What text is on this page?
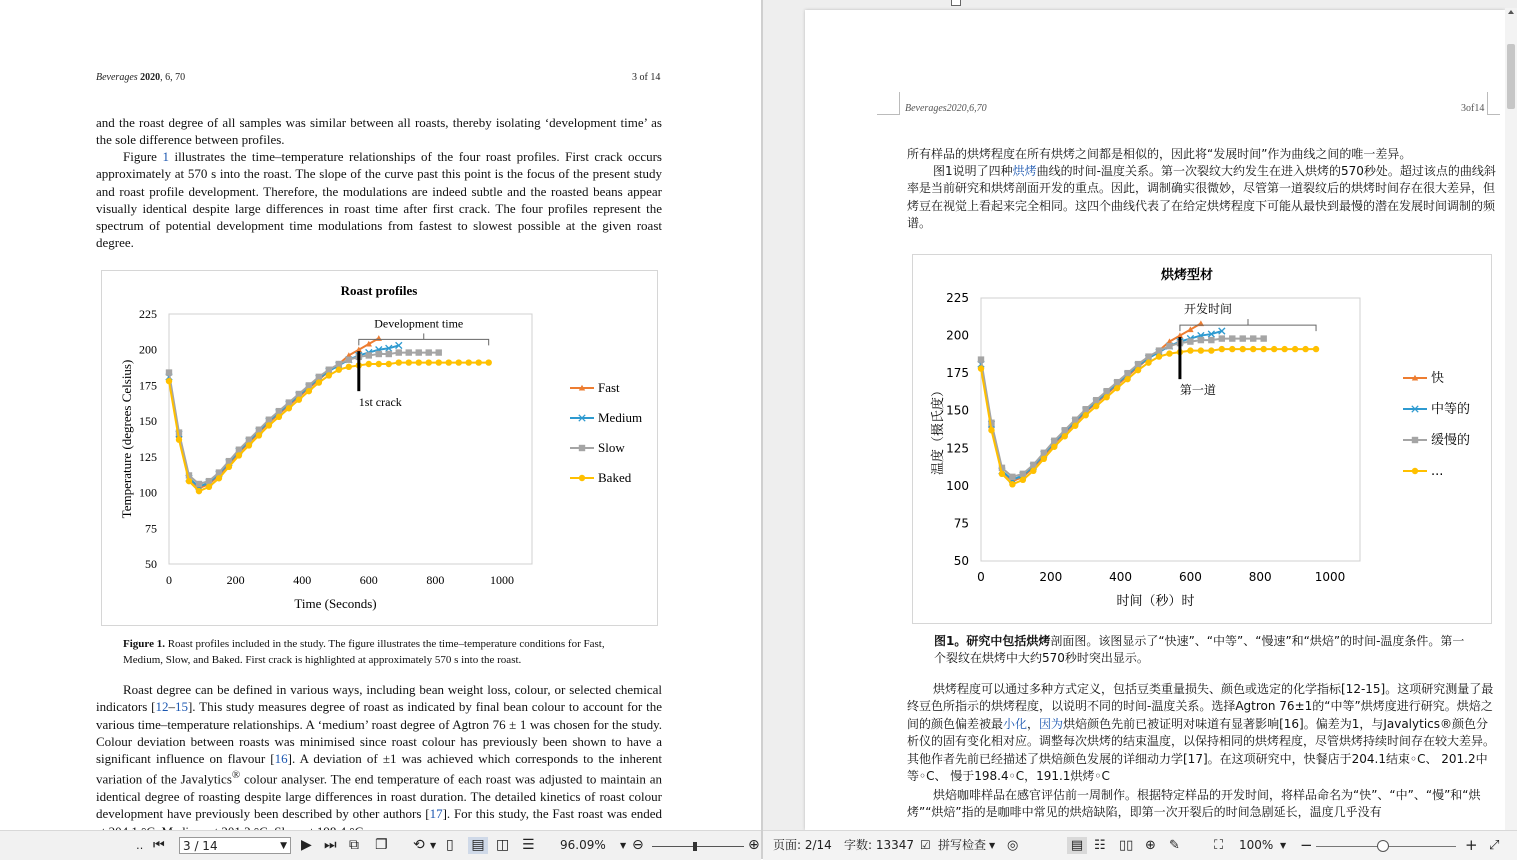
Beverages 2020, 6, 70	3 of 14
and the roast degree of all samples was similar between all roasts, thereby isolating ‘development time’ as the sole difference between profiles.
Figure 1 illustrates the time–temperature relationships of the four roast profiles. First crack occurs approximately at 570 s into the roast. The slope of the curve past this point is the focus of the present study and roast profile development. Therefore, the modulations are indeed subtle and the roasted beans appear visually identical despite large differences in roast time after first crack. The four profiles represent the spectrum of potential development time modulations from fastest to slowest possible at the given roast degree.
Roast profiles
50
75
100
125
150
175
200
225
0	200	400	600	800	1000
Time (Seconds)
Temperature (degrees Celsius)	1st crack
Development time
Fast
Medium
Slow
Baked
Figure 1. Roast profiles included in the study. The figure illustrates the time–temperature conditions for Fast, Medium, Slow, and Baked. First crack is highlighted at approximately 570 s into the roast.
Roast degree can be defined in various ways, including bean weight loss, colour, or selected chemical indicators [12–15]. This study measures degree of roast as indicated by final bean colour to account for the various time–temperature relationships. A ‘medium’ roast degree of Agtron 76 ± 1 was chosen for the study. Colour deviation between roasts was minimised since roast colour has previously been shown to have a significant influence on flavour [16]. A deviation of ±1 was achieved which corresponds to the inherent variation of the Javalytics® colour analyser. The end temperature of each roast was adjusted to maintain an identical degree of roasting despite large differences in roast duration. The detailed kinetics of roast colour development have previously been described by other authors [17]. For this study, the Fast roast was ended
Beverages2020,6,70	3of14
所有样品的烘烤程度在所有烘烤之间都是相似的，因此将“发展时间”作为曲线之间的唯一差异。
图1说明了四种烘烤曲线的时间-温度关系。第一次裂纹大约发生在进入烘烤的570秒处。超过该点的曲线斜率是当前研究和烘烤剖面开发的重点。因此，调制确实很微妙，尽管第一道裂纹后的烘烤时间存在很大差异，但烤豆在视觉上看起来完全相同。这四个曲线代表了在给定烘烤程度下可能从最快到最慢的潜在发展时间调制的频谱。
烘烤型材
50
75
100
125
150
175
200
225
0	200	400	600	800	1000
时间（秒）时
温度（摄氏度）	第一道
开发时间
快
中等的
缓慢的
...
图1。研究中包括烘烤剖面图。该图显示了“快速”、“中等”、“慢速”和“烘焙”的时间-温度条件。第一个裂纹在烘烤中大约570秒时突出显示。
烘烤程度可以通过多种方式定义，包括豆类重量损失、颜色或选定的化学指标[12-15]。这项研究测量了最终豆色所指示的烘烤程度，以说明不同的时间-温度关系。选择Agtron 76±1的“中等”烘烤度进行研究。烘焙之间的颜色偏差被最小化，因为烘焙颜色先前已被证明对味道有显著影响[16]。偏差为1，与Javalytics®颜色分析仪的固有变化相对应。调整每次烘烤的结束温度，以保持相同的烘烤程度，尽管烘烤持续时间存在较大差异。其他作者先前已经描述了烘焙颜色发展的详细动力学[17]。在这项研究中，快餐店于204.1结束◦C、 201.2中等◦C、 慢于198.4◦C，191.1烘烤◦C
烘焙咖啡样品在感官评估前一周制作。根据特定样品的开发时间，将样品命名为“快”、“中”、“慢”和“烘烤”“烘焙”指的是咖啡中常见的烘焙缺陷，即第一次开裂后的时间急剧延长，温度几乎没有
‥ ⏮	3 / 14	▼ ▶ ⏭ ⧉ ❐ ⟲ ▼ ▯ ▤ ◫ ☰ 96.09% ▼ ⊖	⊕ 页面: 2/14 字数: 13347 ☑ 拼写检查 ▼ ◎	▤ ☷ ▯▯ ⊕ ✎	⛶ 100% ▼ −	+ ⤢
